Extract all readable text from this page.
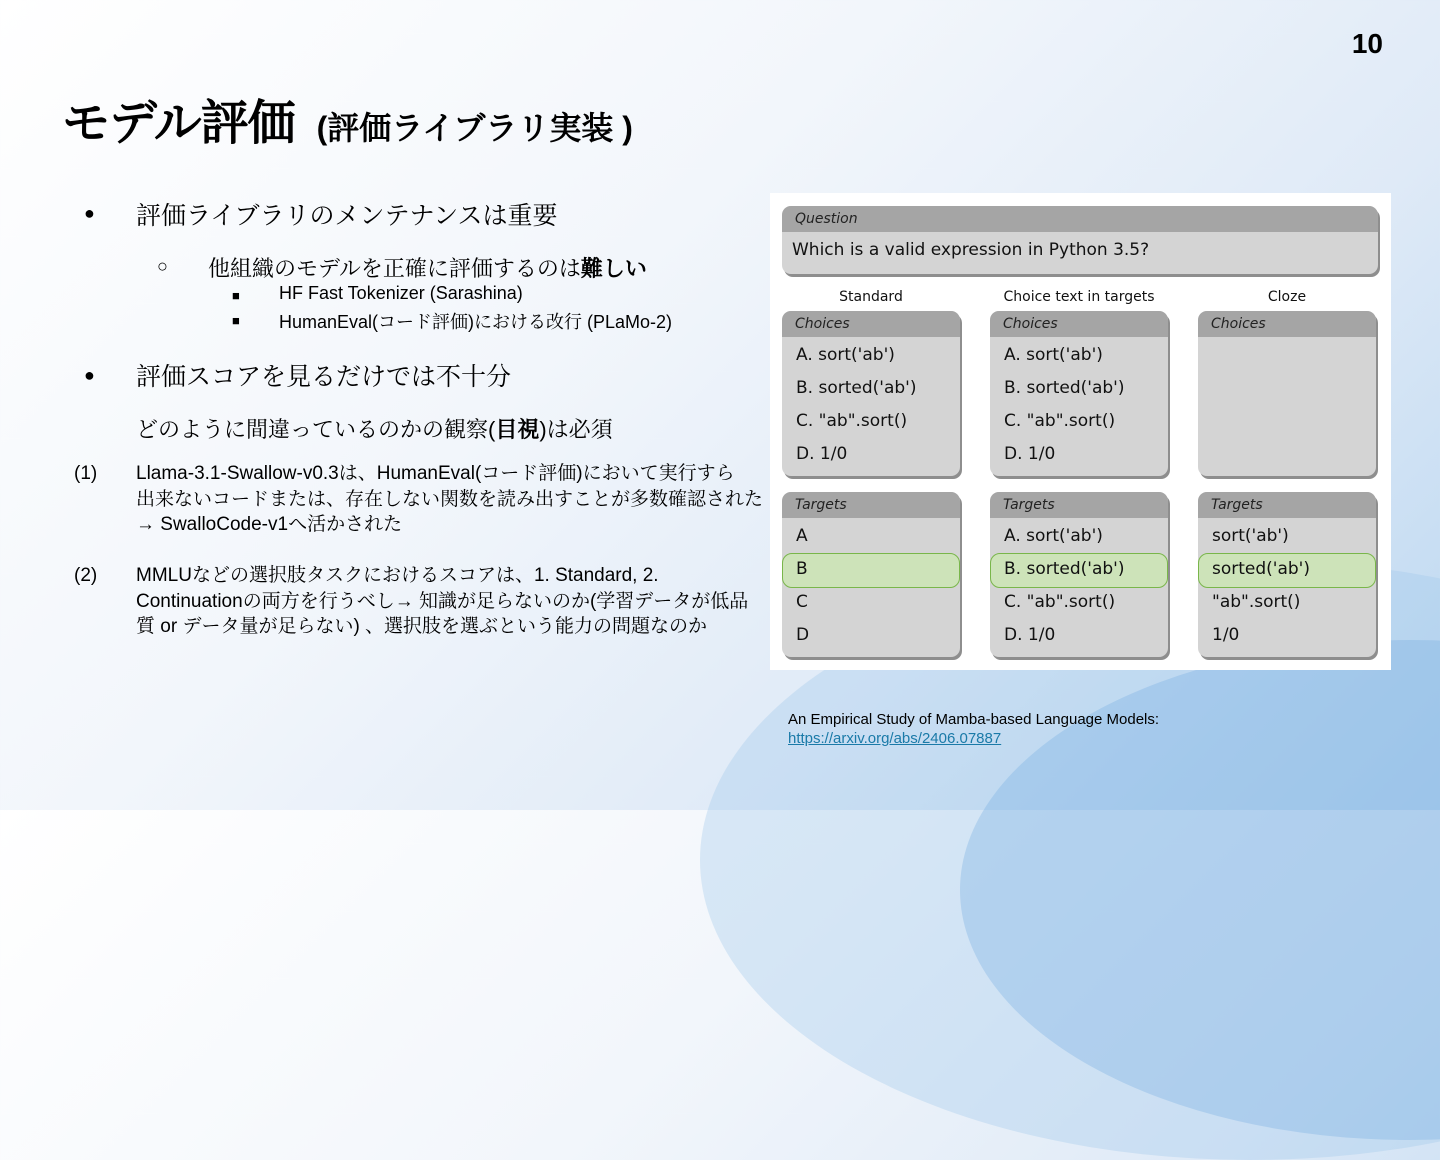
10
モデル評価 (評価ライブラリ実装 )
● 評価ライブラリのメンテナンスは重要
○ 他組織のモデルを正確に評価するのは難しい
■ HF Fast Tokenizer (Sarashina)
■ HumanEval(コード評価)における改行 (PLaMo-2)
● 評価スコアを見るだけでは不十分
どのように間違っているのかの観察(目視)は必須
(1) Llama-3.1-Swallow-v0.3は、HumanEval(コード評価)において実行すら
出来ないコードまたは、存在しない関数を読み出すことが多数確認された
→ SwalloCode-v1へ活かされた
(2) MMLUなどの選択肢タスクにおけるスコアは、1. Standard, 2.
Continuationの両方を行うべし→ 知識が足らないのか(学習データが低品
質 or データ量が足らない) 、選択肢を選ぶという能力の問題なのか
Question
Which is a valid expression in Python 3.5?
Standard
Choices
A. sort('ab')
B. sorted('ab')
C. "ab".sort()
D. 1/0
Targets
A
B
C
D
Choice text in targets
Choices
A. sort('ab')
B. sorted('ab')
C. "ab".sort()
D. 1/0
Targets
A. sort('ab')
B. sorted('ab')
C. "ab".sort()
D. 1/0
Cloze
Choices
Targets
sort('ab')
sorted('ab')
"ab".sort()
1/0
An Empirical Study of Mamba-based Language Models:
https://arxiv.org/abs/2406.07887
